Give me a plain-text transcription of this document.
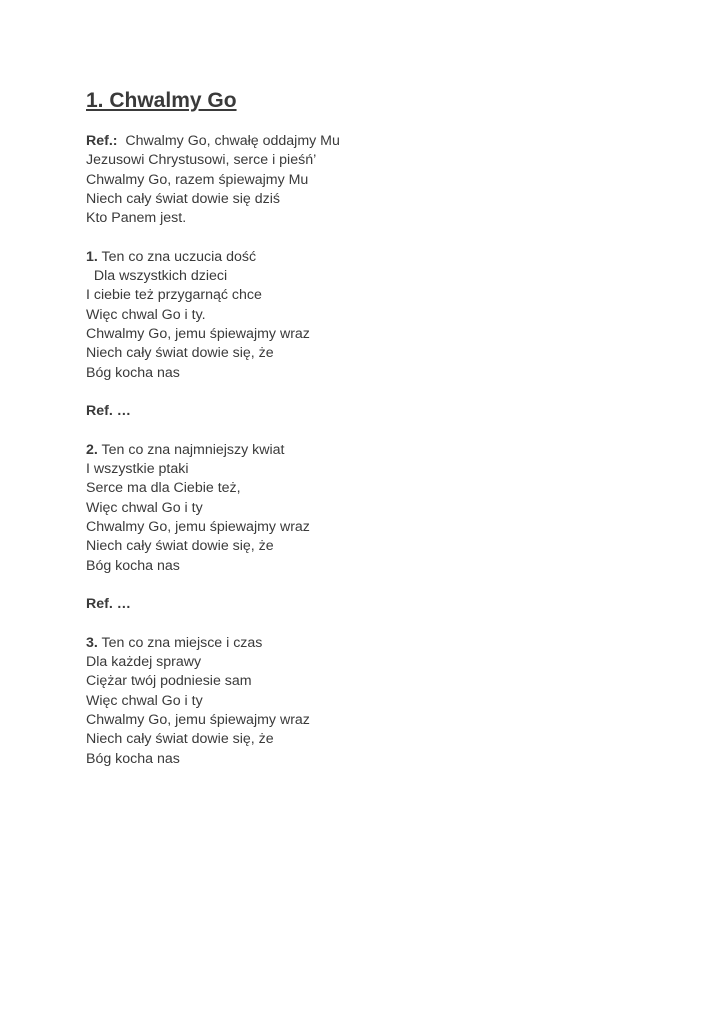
1. Chwalmy Go
Ref.:  Chwalmy Go, chwałę oddajmy Mu
Jezusowi Chrystusowi, serce i pieśń’
Chwalmy Go, razem śpiewajmy Mu
Niech cały świat dowie się dziś
Kto Panem jest.
1. Ten co zna uczucia dość
Dla wszystkich dzieci
I ciebie też przygarnąć chce
Więc chwal Go i ty.
Chwalmy Go, jemu śpiewajmy wraz
Niech cały świat dowie się, że
Bóg kocha nas
Ref. …
2. Ten co zna najmniejszy kwiat
I wszystkie ptaki
Serce ma dla Ciebie też,
Więc chwal Go i ty
Chwalmy Go, jemu śpiewajmy wraz
Niech cały świat dowie się, że
Bóg kocha nas
Ref. …
3. Ten co zna miejsce i czas
Dla każdej sprawy
Ciężar twój podniesie sam
Więc chwal Go i ty
Chwalmy Go, jemu śpiewajmy wraz
Niech cały świat dowie się, że
Bóg kocha nas
